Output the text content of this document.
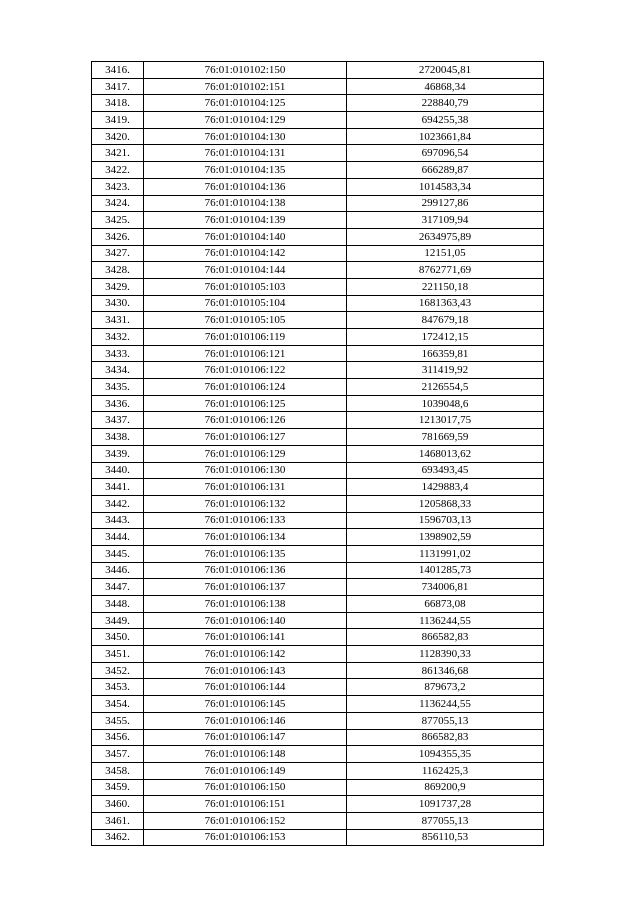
3416.	76:01:010102:150	2720045,81
3417.	76:01:010102:151	46868,34
3418.	76:01:010104:125	228840,79
3419.	76:01:010104:129	694255,38
3420.	76:01:010104:130	1023661,84
3421.	76:01:010104:131	697096,54
3422.	76:01:010104:135	666289,87
3423.	76:01:010104:136	1014583,34
3424.	76:01:010104:138	299127,86
3425.	76:01:010104:139	317109,94
3426.	76:01:010104:140	2634975,89
3427.	76:01:010104:142	12151,05
3428.	76:01:010104:144	8762771,69
3429.	76:01:010105:103	221150,18
3430.	76:01:010105:104	1681363,43
3431.	76:01:010105:105	847679,18
3432.	76:01:010106:119	172412,15
3433.	76:01:010106:121	166359,81
3434.	76:01:010106:122	311419,92
3435.	76:01:010106:124	2126554,5
3436.	76:01:010106:125	1039048,6
3437.	76:01:010106:126	1213017,75
3438.	76:01:010106:127	781669,59
3439.	76:01:010106:129	1468013,62
3440.	76:01:010106:130	693493,45
3441.	76:01:010106:131	1429883,4
3442.	76:01:010106:132	1205868,33
3443.	76:01:010106:133	1596703,13
3444.	76:01:010106:134	1398902,59
3445.	76:01:010106:135	1131991,02
3446.	76:01:010106:136	1401285,73
3447.	76:01:010106:137	734006,81
3448.	76:01:010106:138	66873,08
3449.	76:01:010106:140	1136244,55
3450.	76:01:010106:141	866582,83
3451.	76:01:010106:142	1128390,33
3452.	76:01:010106:143	861346,68
3453.	76:01:010106:144	879673,2
3454.	76:01:010106:145	1136244,55
3455.	76:01:010106:146	877055,13
3456.	76:01:010106:147	866582,83
3457.	76:01:010106:148	1094355,35
3458.	76:01:010106:149	1162425,3
3459.	76:01:010106:150	869200,9
3460.	76:01:010106:151	1091737,28
3461.	76:01:010106:152	877055,13
3462.	76:01:010106:153	856110,53
